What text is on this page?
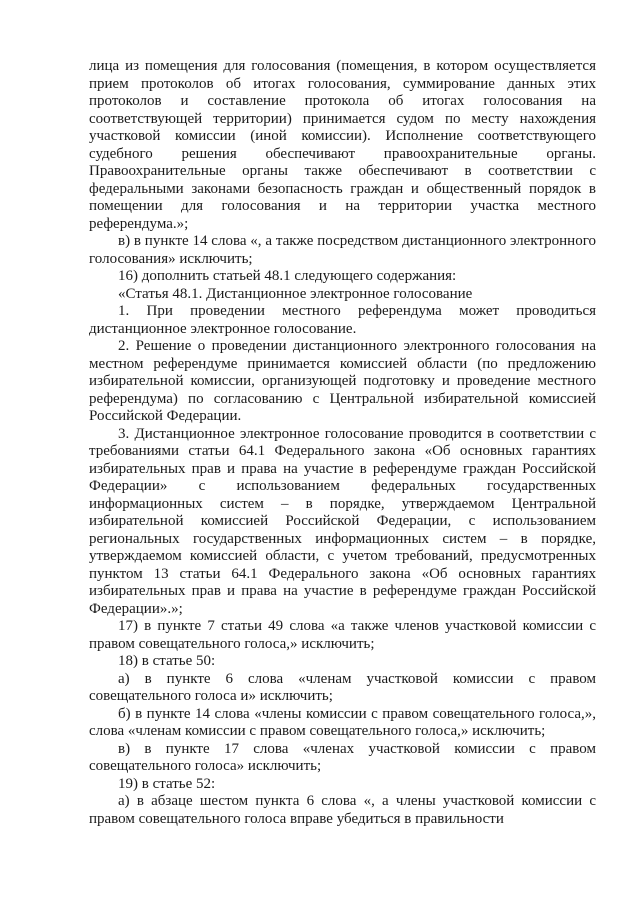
лица из помещения для голосования (помещения, в котором осуществляется прием протоколов об итогах голосования, суммирование данных этих протоколов и составление протокола об итогах голосования на соответствующей территории) принимается судом по месту нахождения участковой комиссии (иной комиссии). Исполнение соответствующего судебного решения обеспечивают правоохранительные органы. Правоохранительные органы также обеспечивают в соответствии с федеральными законами безопасность граждан и общественный порядок в помещении для голосования и на территории участка местного референдума.»;

в) в пункте 14 слова «, а также посредством дистанционного электронного голосования» исключить;

16) дополнить статьей 48.1 следующего содержания:

«Статья 48.1. Дистанционное электронное голосование

1. При проведении местного референдума может проводиться дистанционное электронное голосование.

2. Решение о проведении дистанционного электронного голосования на местном референдуме принимается комиссией области (по предложению избирательной комиссии, организующей подготовку и проведение местного референдума) по согласованию с Центральной избирательной комиссией Российской Федерации.

3. Дистанционное электронное голосование проводится в соответствии с требованиями статьи 64.1 Федерального закона «Об основных гарантиях избирательных прав и права на участие в референдуме граждан Российской Федерации» с использованием федеральных государственных информационных систем – в порядке, утверждаемом Центральной избирательной комиссией Российской Федерации, с использованием региональных государственных информационных систем – в порядке, утверждаемом комиссией области, с учетом требований, предусмотренных пунктом 13 статьи 64.1 Федерального закона «Об основных гарантиях избирательных прав и права на участие в референдуме граждан Российской Федерации».»;

17) в пункте 7 статьи 49 слова «а также членов участковой комиссии с правом совещательного голоса,» исключить;

18) в статье 50:

а) в пункте 6 слова «членам участковой комиссии с правом совещательного голоса и» исключить;

б) в пункте 14 слова «члены комиссии с правом совещательного голоса,», слова «членам комиссии с правом совещательного голоса,» исключить;

в) в пункте 17 слова «членах участковой комиссии с правом совещательного голоса» исключить;

19) в статье 52:

а) в абзаце шестом пункта 6 слова «, а члены участковой комиссии с правом совещательного голоса вправе убедиться в правильности
